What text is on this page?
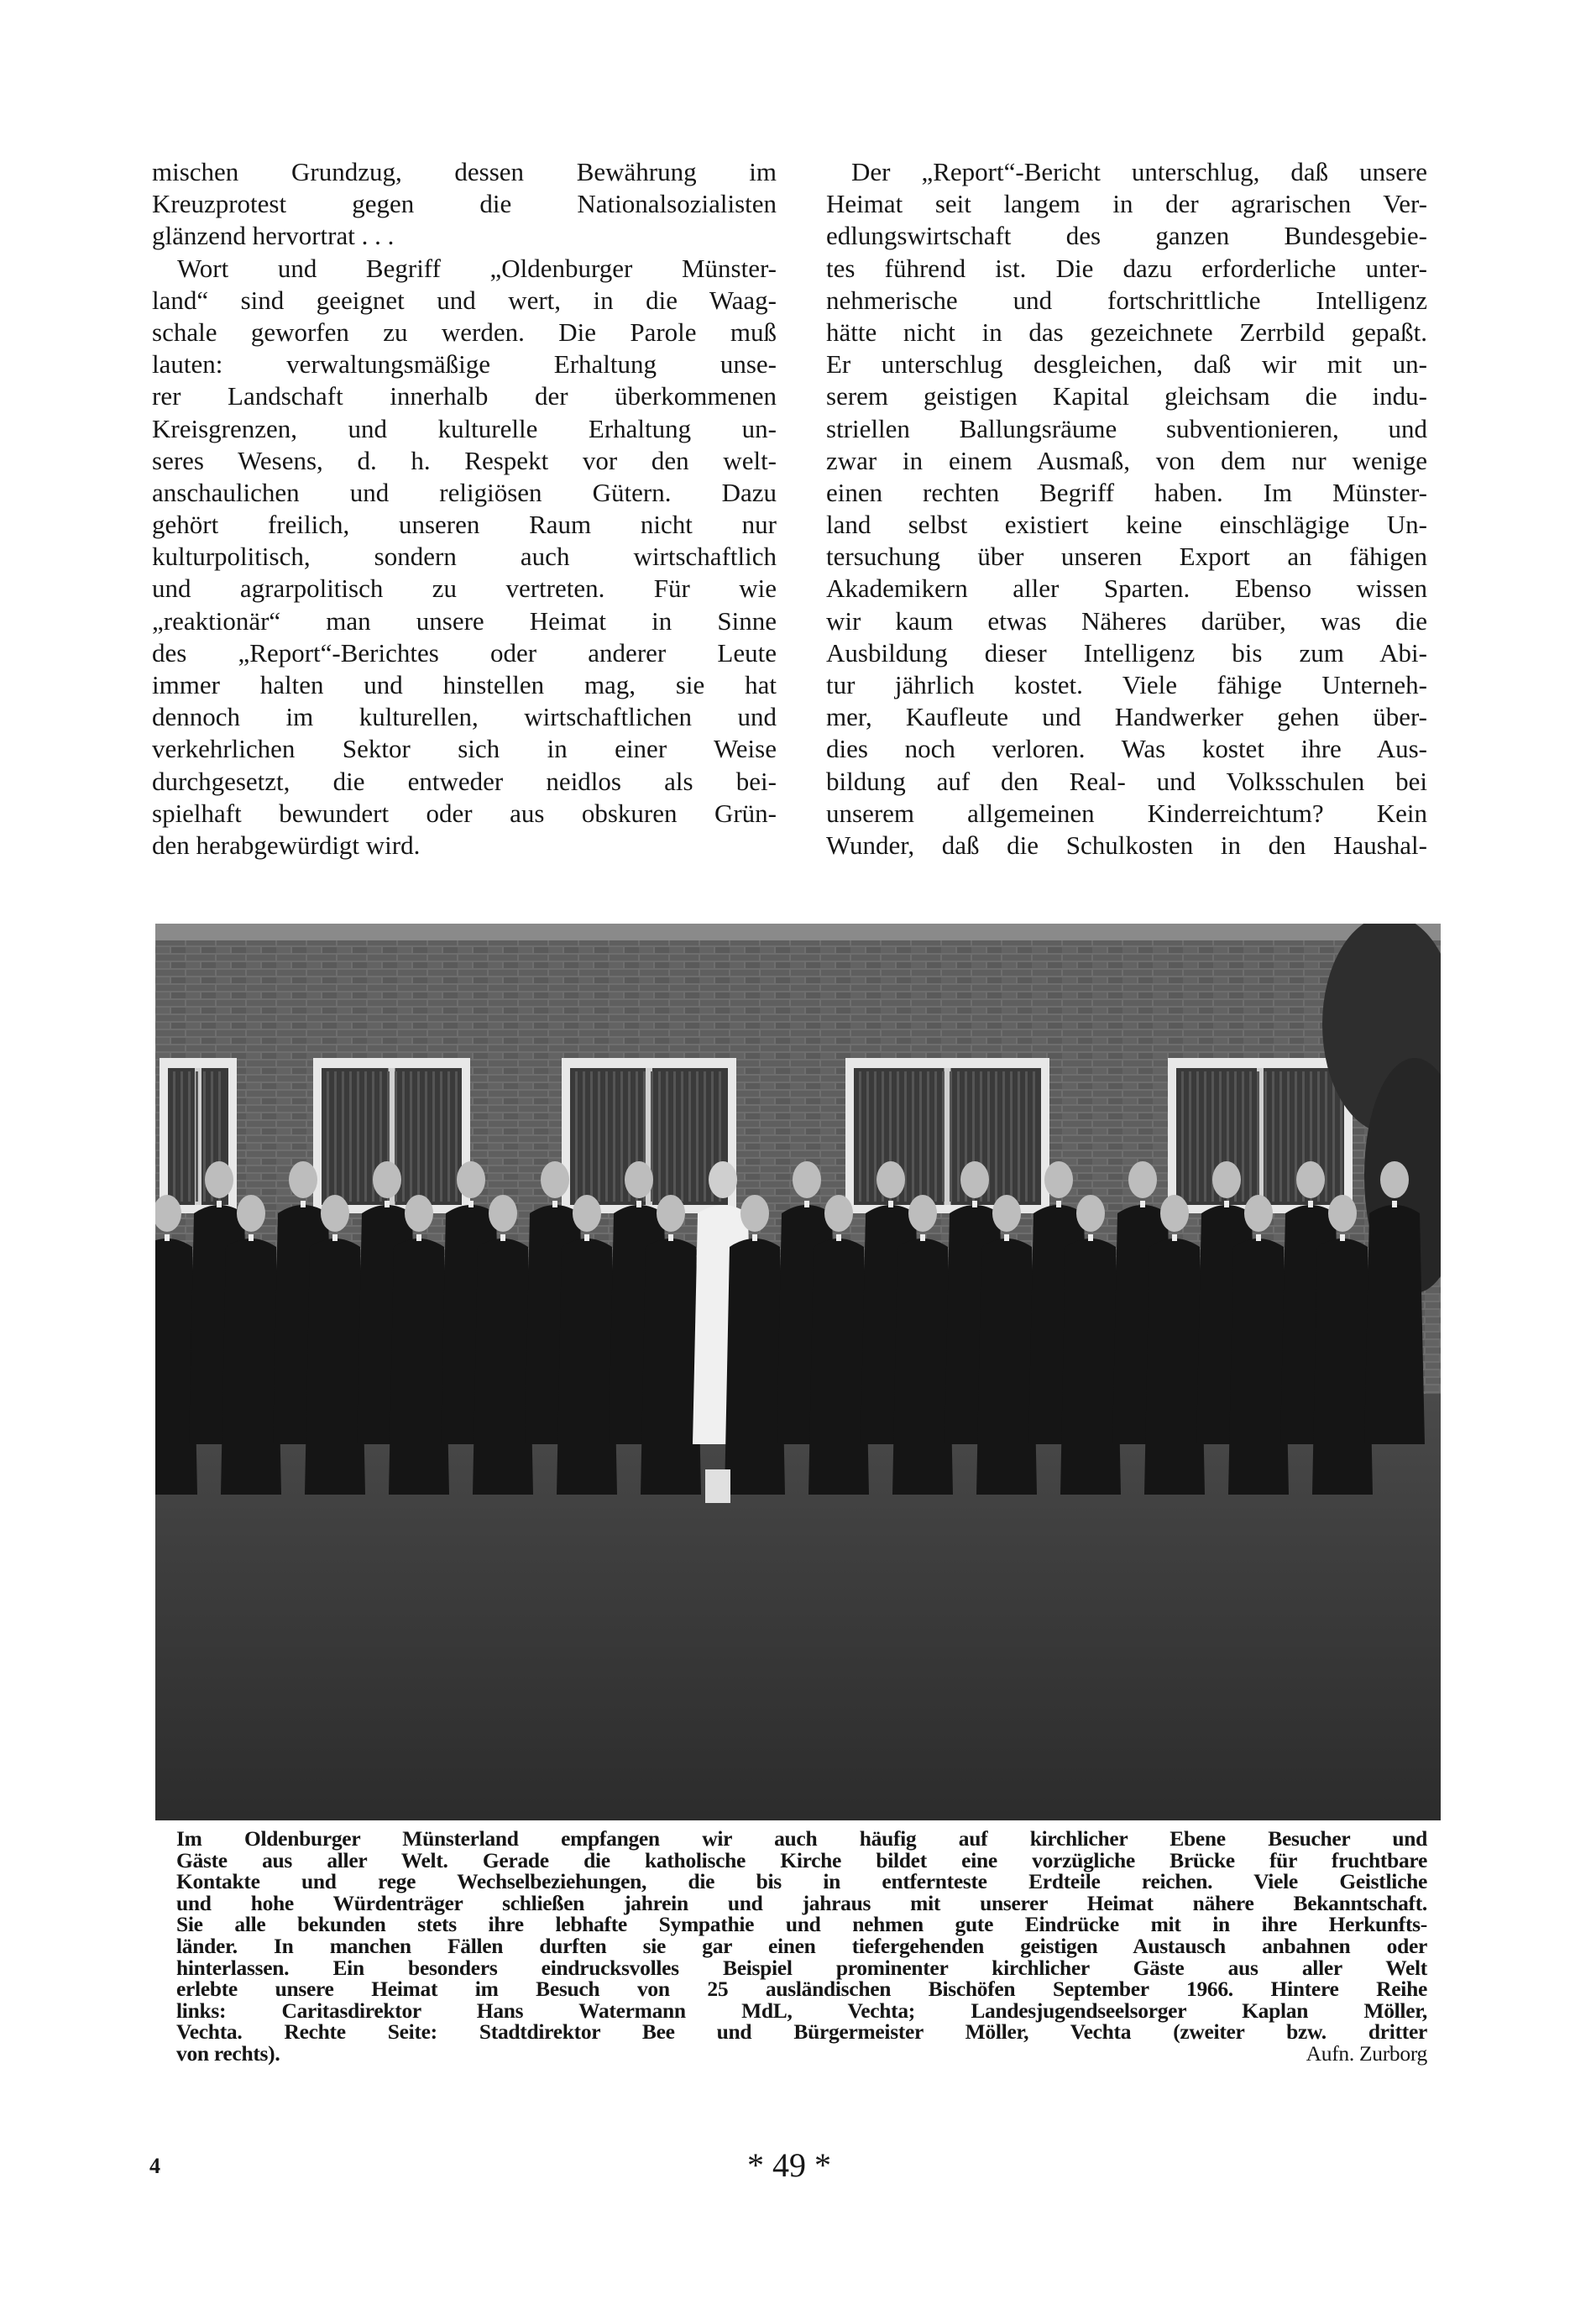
mischen Grundzug, dessen Bewährung im
Kreuzprotest gegen die Nationalsozialisten
glänzend hervortrat . . .
Wort und Begriff „Oldenburger Münster-
land“ sind geeignet und wert, in die Waag-
schale geworfen zu werden. Die Parole muß
lauten: verwaltungsmäßige Erhaltung unse-
rer Landschaft innerhalb der überkommenen
Kreisgrenzen, und kulturelle Erhaltung un-
seres Wesens, d. h. Respekt vor den welt-
anschaulichen und religiösen Gütern. Dazu
gehört freilich, unseren Raum nicht nur
kulturpolitisch, sondern auch wirtschaftlich
und agrarpolitisch zu vertreten. Für wie
„reaktionär“ man unsere Heimat in Sinne
des „Report“-Berichtes oder anderer Leute
immer halten und hinstellen mag, sie hat
dennoch im kulturellen, wirtschaftlichen und
verkehrlichen Sektor sich in einer Weise
durchgesetzt, die entweder neidlos als bei-
spielhaft bewundert oder aus obskuren Grün-
den herabgewürdigt wird.
Der „Report“-Bericht unterschlug, daß unsere
Heimat seit langem in der agrarischen Ver-
edlungswirtschaft des ganzen Bundesgebie-
tes führend ist. Die dazu erforderliche unter-
nehmerische und fortschrittliche Intelligenz
hätte nicht in das gezeichnete Zerrbild gepaßt.
Er unterschlug desgleichen, daß wir mit un-
serem geistigen Kapital gleichsam die indu-
striellen Ballungsräume subventionieren, und
zwar in einem Ausmaß, von dem nur wenige
einen rechten Begriff haben. Im Münster-
land selbst existiert keine einschlägige Un-
tersuchung über unseren Export an fähigen
Akademikern aller Sparten. Ebenso wissen
wir kaum etwas Näheres darüber, was die
Ausbildung dieser Intelligenz bis zum Abi-
tur jährlich kostet. Viele fähige Unterneh-
mer, Kaufleute und Handwerker gehen über-
dies noch verloren. Was kostet ihre Aus-
bildung auf den Real- und Volksschulen bei
unserem allgemeinen Kinderreichtum? Kein
Wunder, daß die Schulkosten in den Haushal-
Im Oldenburger Münsterland empfangen wir auch häufig auf kirchlicher Ebene Besucher und
Gäste aus aller Welt. Gerade die katholische Kirche bildet eine vorzügliche Brücke für fruchtbare
Kontakte und rege Wechselbeziehungen, die bis in entfernteste Erdteile reichen. Viele Geistliche
und hohe Würdenträger schließen jahrein und jahraus mit unserer Heimat nähere Bekanntschaft.
Sie alle bekunden stets ihre lebhafte Sympathie und nehmen gute Eindrücke mit in ihre Herkunfts-
länder. In manchen Fällen durften sie gar einen tiefergehenden geistigen Austausch anbahnen oder
hinterlassen. Ein besonders eindrucksvolles Beispiel prominenter kirchlicher Gäste aus aller Welt
erlebte unsere Heimat im Besuch von 25 ausländischen Bischöfen September 1966. Hintere Reihe
links: Caritasdirektor Hans Watermann MdL, Vechta; Landesjugendseelsorger Kaplan Möller,
Vechta. Rechte Seite: Stadtdirektor Bee und Bürgermeister Möller, Vechta (zweiter bzw. dritter
von rechts).	Aufn. Zurborg
4	* 49 *
